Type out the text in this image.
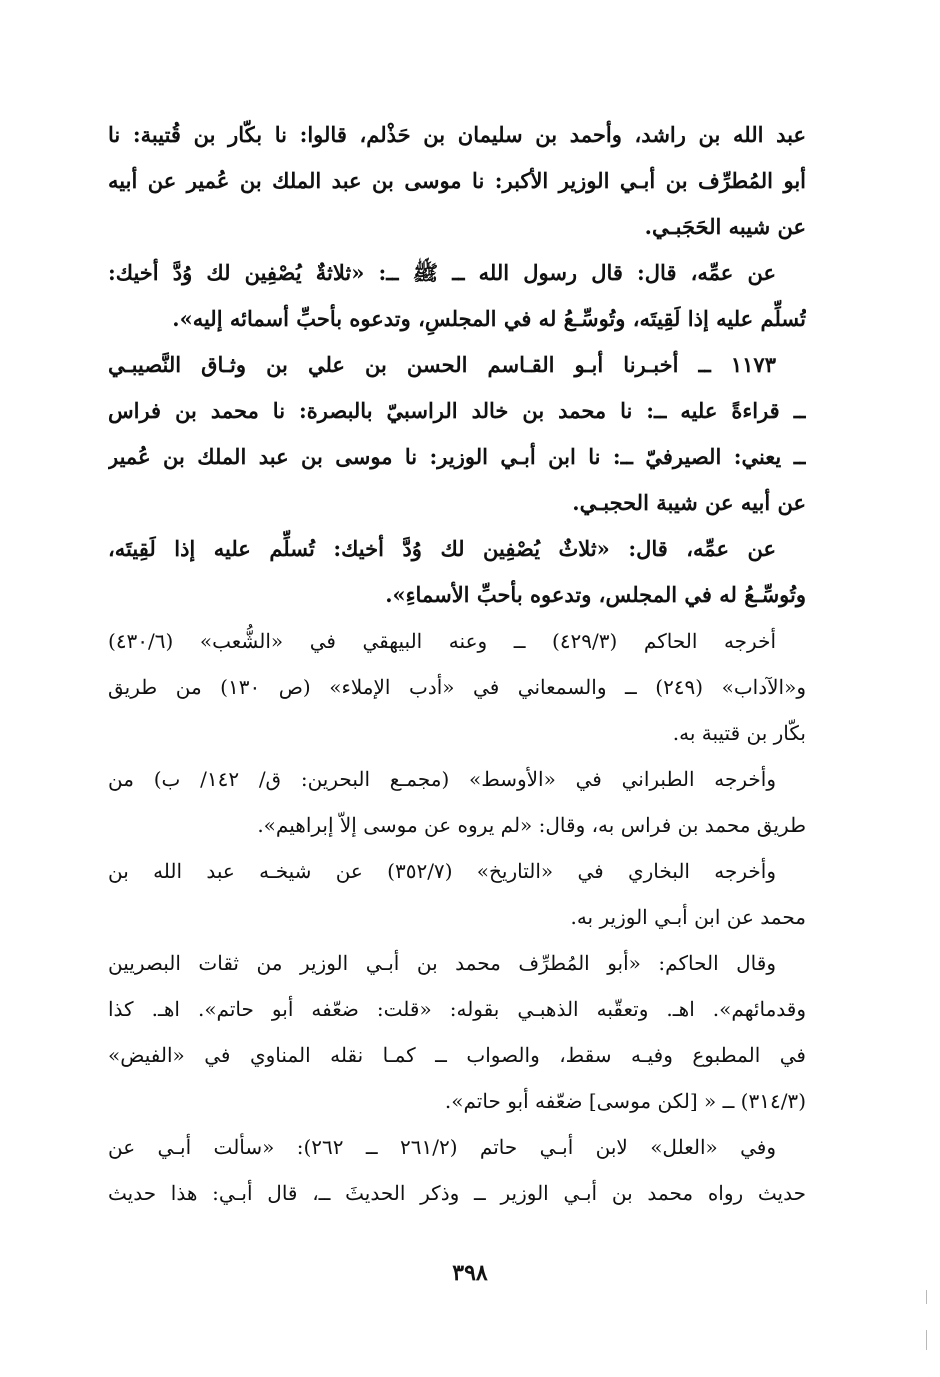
عبد الله بن راشد، وأحمد بن سليمان بن حَذْلم، قالوا: نا بكّار بن قُتيبة: نا
أبو المُطرِّف بن أبـي الوزير الأكبر: نا موسى بن عبد الملك بن عُمير عن أبيه
عن شيبه الحَجَبـي.
عن عمِّه، قال: قال رسول الله ــ ﷺ ــ: «ثلاثةٌ يُصْفِين لك وُدَّ أخيك:
تُسلِّم عليه إذا لَقِيتَه، وتُوسِّـعُ له في المجلسِ، وتدعوه بأحبِّ أسمائه إليه».
١١٧٣ ــ أخبـرنا أبـو القـاسم الحسن بن علي بن وثـاق النَّصيبـي
ــ قراءةً عليه ــ: نا محمد بن خالد الراسبيّ بالبصرة: نا محمد بن فراس
ــ يعني: الصيرفيّ ــ: نا ابن أبـي الوزير: نا موسى بن عبد الملك بن عُمير
عن أبيه عن شيبة الحجبـي.
عن عمِّه، قال: «ثلاثٌ يُصْفِين لك وُدَّ أخيك: تُسلِّم عليه إذا لَقِيتَه،
وتُوسِّـعُ له في المجلس، وتدعوه بأحبِّ الأسماءِ».
أخرجه الحاكم (٤٢٩/٣) ــ وعنه البيهقي في «الشُّعب» (٤٣٠/٦)
و«الآداب» (٢٤٩) ــ والسمعاني في «أدب الإملاء» (ص ١٣٠) من طريق
بكّار بن قتيبة به.
وأخرجه الطبراني في «الأوسط» (مجمـع البحرين: ق/ ١٤٢/ ب) من
طريق محمد بن فراس به، وقال: «لم يروه عن موسى إلاّ إبراهيم».
وأخرجه البخاري في «التاريخ» (٣٥٢/٧) عن شيخـه عبد الله بن
محمد عن ابن أبـي الوزير به.
وقال الحاكم: «أبو المُطرِّف محمد بن أبـي الوزير من ثقات البصريين
وقدمائهم». اهـ. وتعقّبه الذهبـي بقوله: «قلت: ضعّفه أبو حاتم». اهـ. كذا
في المطبوع وفيـه سقط، والصواب ــ كمـا نقله المناوي في «الفيض»
(٣١٤/٣) ــ « [لكن موسى] ضعّفه أبو حاتم».
وفي «العلل» لابن أبـي حاتم (٢٦١/٢ ــ ٢٦٢): «سألت أبـي عن
حديث رواه محمد بن أبـي الوزير ــ وذكر الحديثَ ــ، قال أبـي: هذا حديث
٣٩٨
